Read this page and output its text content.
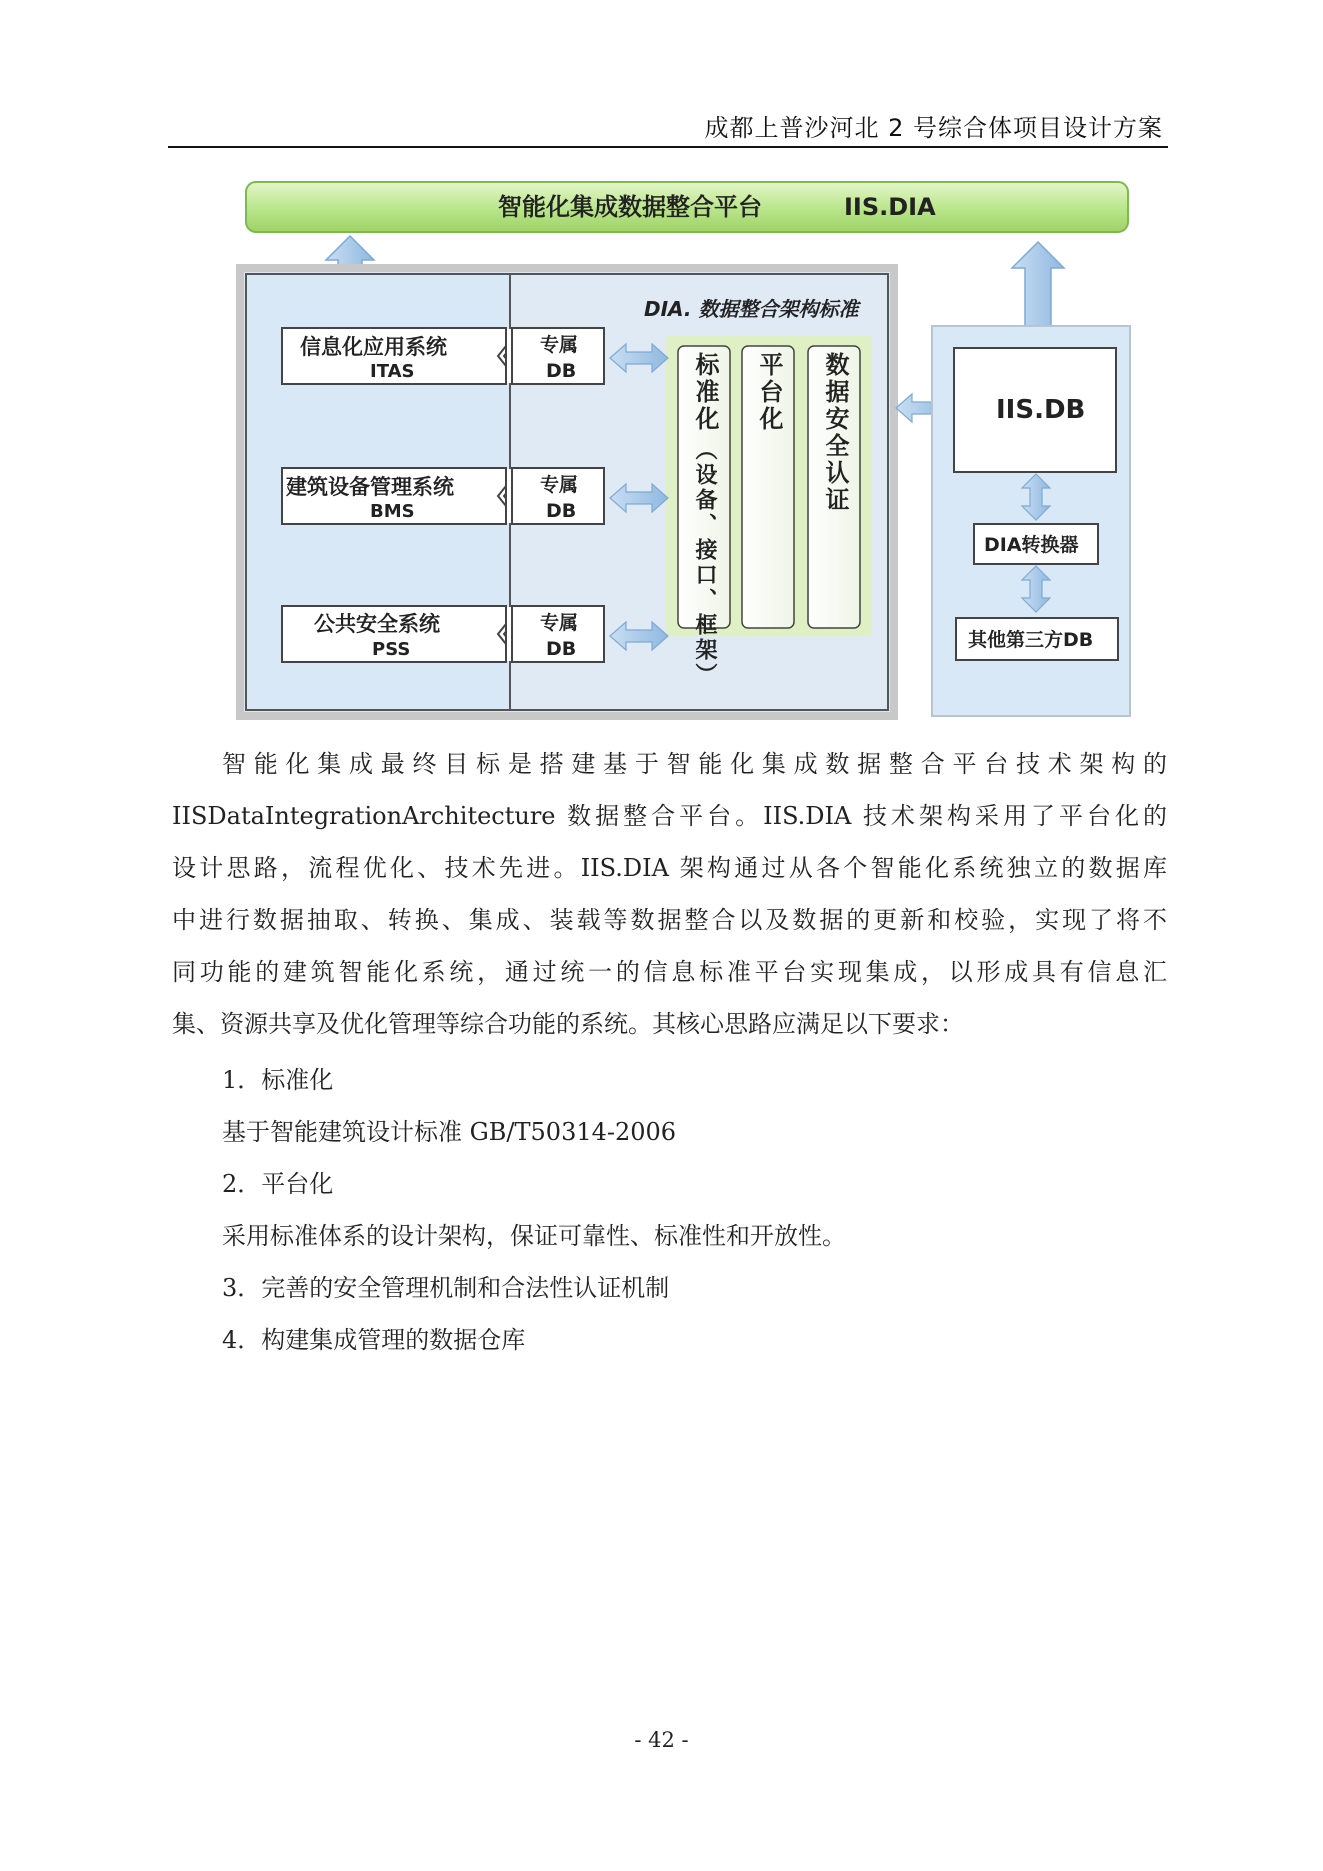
成都上普沙河北 2 号综合体项目设计方案
智能化集成数据整合平台	IIS.DIA
DIA. 数据整合架构标准
信息化应用系统
ITAS
专属
DB
建筑设备管理系统
BMS
专属
DB
公共安全系统
PSS
专属
DB
IIS.DB
DIA转换器
其他第三方DB
标准化
（设备、接口、框架）
平台化 数据安全认证
智能化集成最终目标是搭建基于智能化集成数据整合平台技术架构的
IISDataIntegrationArchitecture 数据整合平台。IIS.DIA 技术架构采用了平台化的
设计思路，流程优化、技术先进。IIS.DIA 架构通过从各个智能化系统独立的数据库
中进行数据抽取、转换、集成、装载等数据整合以及数据的更新和校验，实现了将不
同功能的建筑智能化系统，通过统一的信息标准平台实现集成，以形成具有信息汇
集、资源共享及优化管理等综合功能的系统。其核心思路应满足以下要求：
1．标准化
基于智能建筑设计标准 GB/T50314-2006
2．平台化
采用标准体系的设计架构，保证可靠性、标准性和开放性。
3．完善的安全管理机制和合法性认证机制
4．构建集成管理的数据仓库
- 42 -
